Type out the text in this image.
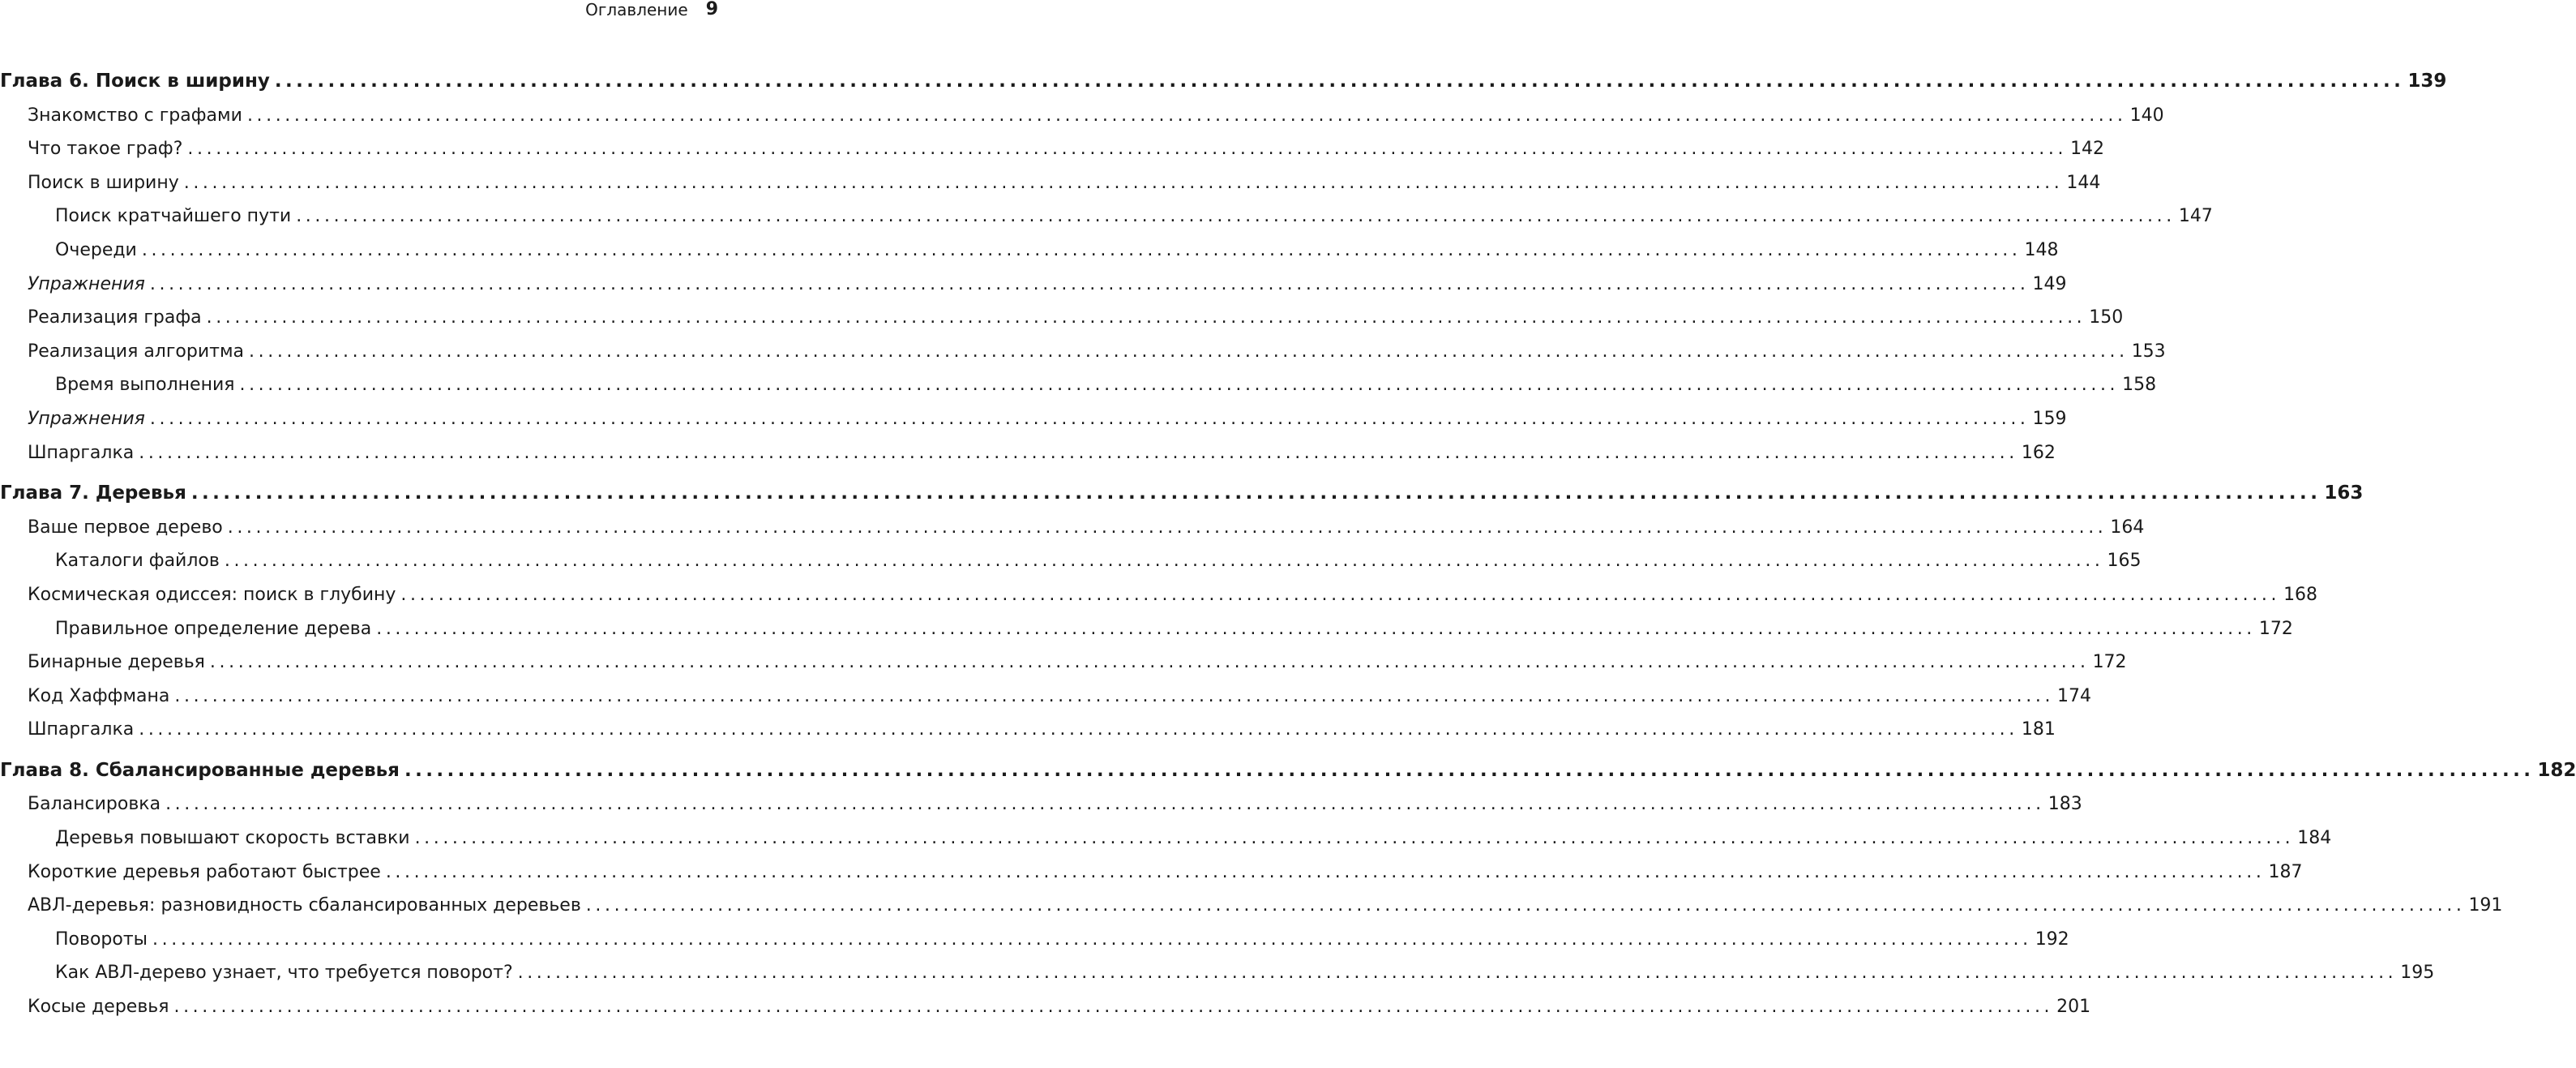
Оглавление 9
Глава 6. Поиск в ширину ........................................................................................................................................................................................................ 139
Знакомство с графами ........................................................................................................................................................................................................ 140
Что такое граф? ........................................................................................................................................................................................................ 142
Поиск в ширину ........................................................................................................................................................................................................ 144
Поиск кратчайшего пути ........................................................................................................................................................................................................ 147
Очереди ........................................................................................................................................................................................................ 148
Упражнения ........................................................................................................................................................................................................ 149
Реализация графа ........................................................................................................................................................................................................ 150
Реализация алгоритма ........................................................................................................................................................................................................ 153
Время выполнения ........................................................................................................................................................................................................ 158
Упражнения ........................................................................................................................................................................................................ 159
Шпаргалка ........................................................................................................................................................................................................ 162
Глава 7. Деревья ........................................................................................................................................................................................................ 163
Ваше первое дерево ........................................................................................................................................................................................................ 164
Каталоги файлов ........................................................................................................................................................................................................ 165
Космическая одиссея: поиск в глубину ........................................................................................................................................................................................................ 168
Правильное определение дерева ........................................................................................................................................................................................................ 172
Бинарные деревья ........................................................................................................................................................................................................ 172
Код Хаффмана ........................................................................................................................................................................................................ 174
Шпаргалка ........................................................................................................................................................................................................ 181
Глава 8. Сбалансированные деревья ........................................................................................................................................................................................................ 182
Балансировка ........................................................................................................................................................................................................ 183
Деревья повышают скорость вставки ........................................................................................................................................................................................................ 184
Короткие деревья работают быстрее ........................................................................................................................................................................................................ 187
АВЛ-деревья: разновидность сбалансированных деревьев ........................................................................................................................................................................................................ 191
Повороты ........................................................................................................................................................................................................ 192
Как АВЛ-дерево узнает, что требуется поворот? ........................................................................................................................................................................................................ 195
Косые деревья ........................................................................................................................................................................................................ 201
